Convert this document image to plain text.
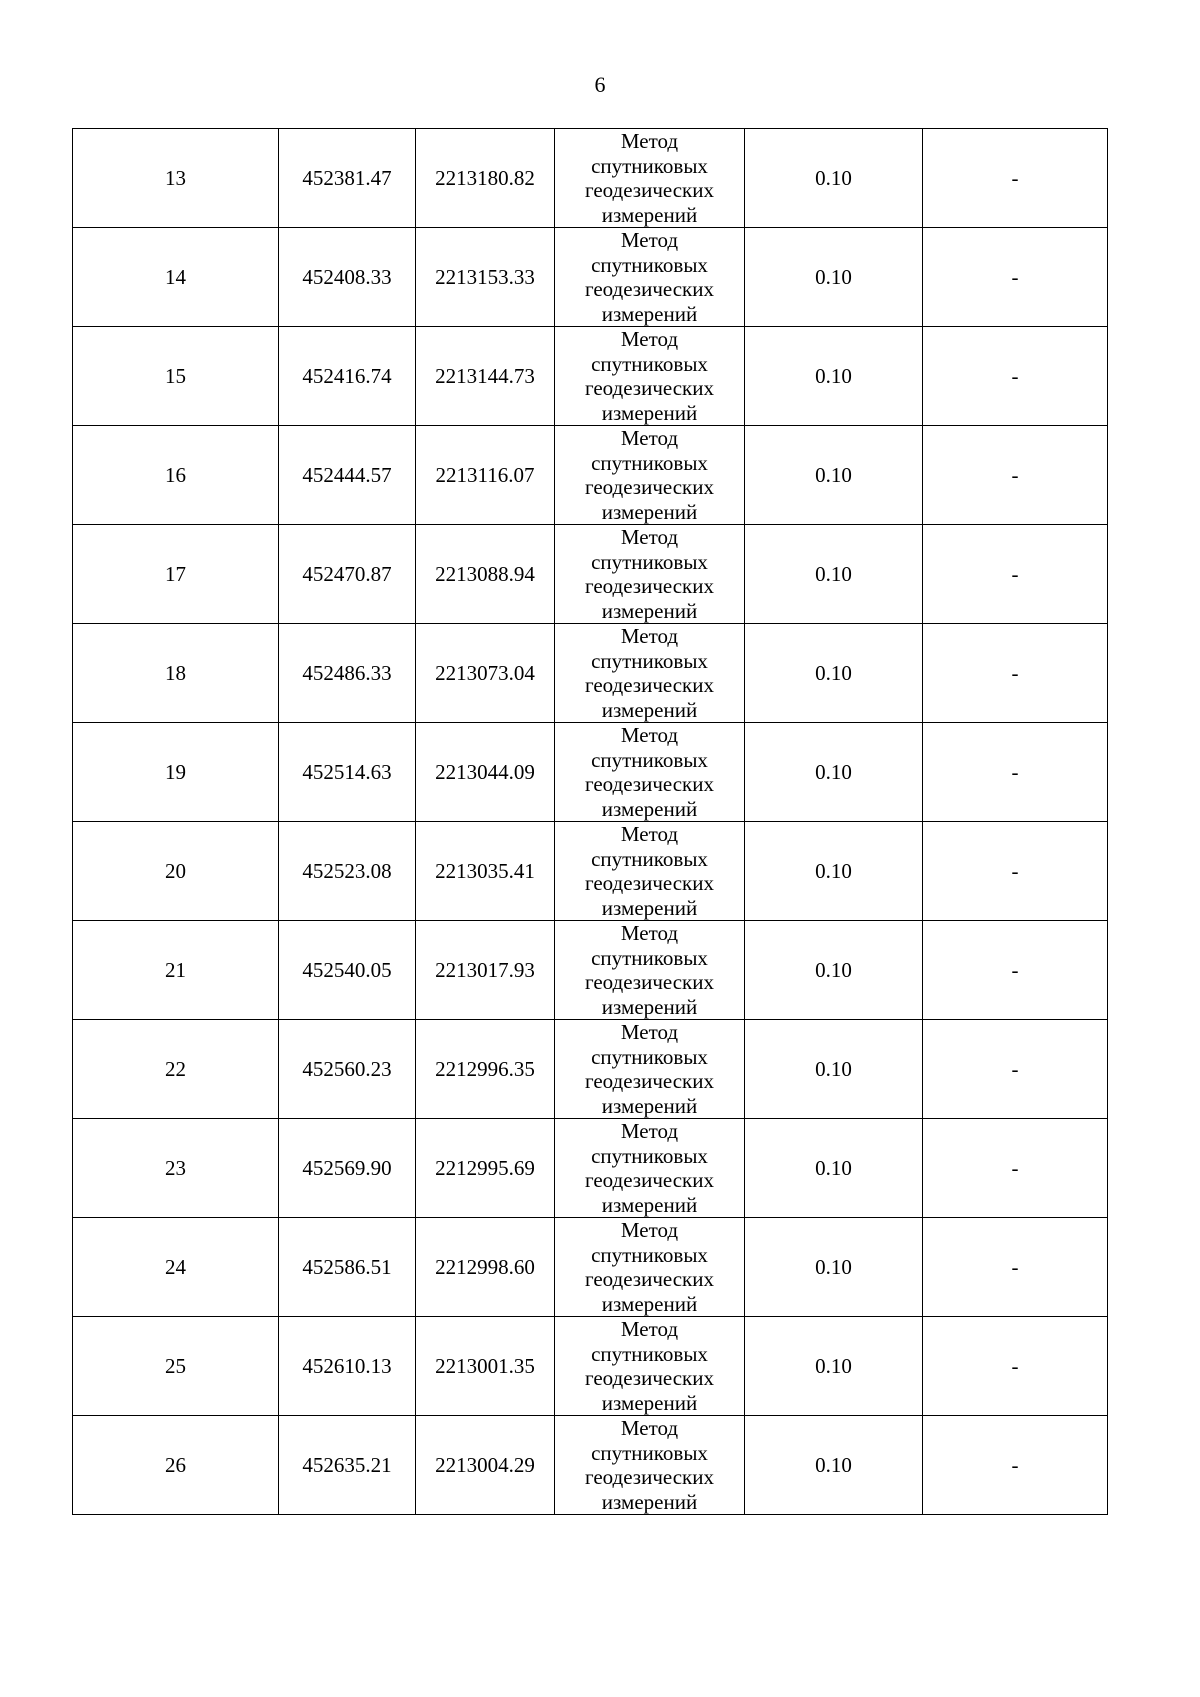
6
13	452381.47	2213180.82	Метод
спутниковых
геодезических
измерений	0.10	-
14	452408.33	2213153.33	Метод
спутниковых
геодезических
измерений	0.10	-
15	452416.74	2213144.73	Метод
спутниковых
геодезических
измерений	0.10	-
16	452444.57	2213116.07	Метод
спутниковых
геодезических
измерений	0.10	-
17	452470.87	2213088.94	Метод
спутниковых
геодезических
измерений	0.10	-
18	452486.33	2213073.04	Метод
спутниковых
геодезических
измерений	0.10	-
19	452514.63	2213044.09	Метод
спутниковых
геодезических
измерений	0.10	-
20	452523.08	2213035.41	Метод
спутниковых
геодезических
измерений	0.10	-
21	452540.05	2213017.93	Метод
спутниковых
геодезических
измерений	0.10	-
22	452560.23	2212996.35	Метод
спутниковых
геодезических
измерений	0.10	-
23	452569.90	2212995.69	Метод
спутниковых
геодезических
измерений	0.10	-
24	452586.51	2212998.60	Метод
спутниковых
геодезических
измерений	0.10	-
25	452610.13	2213001.35	Метод
спутниковых
геодезических
измерений	0.10	-
26	452635.21	2213004.29	Метод
спутниковых
геодезических
измерений	0.10	-
